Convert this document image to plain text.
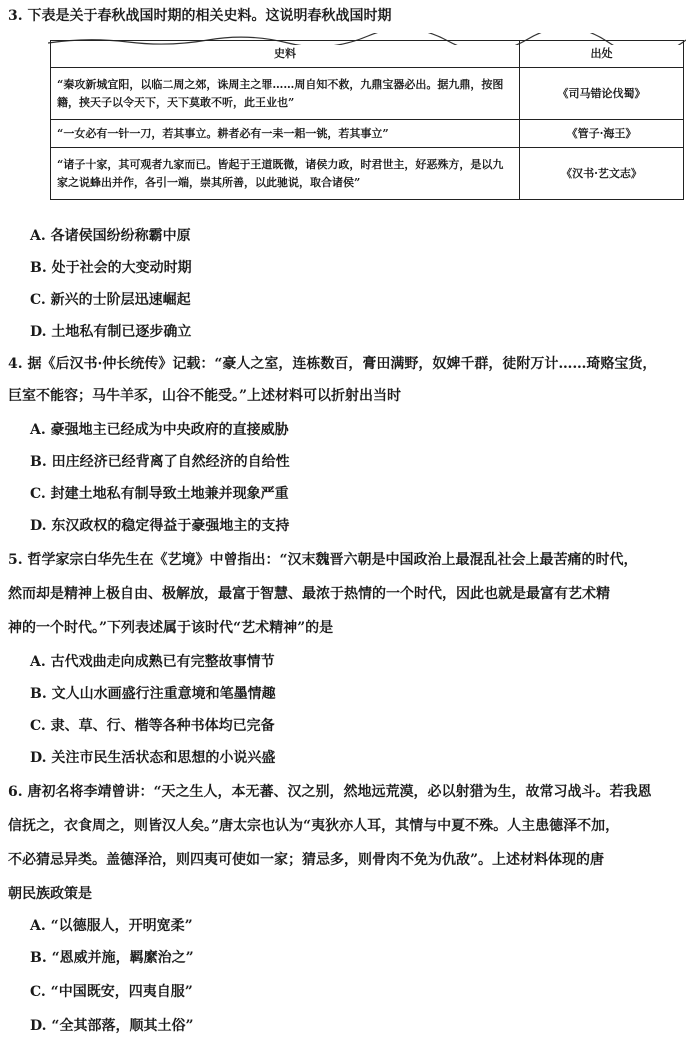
3. 下表是关于春秋战国时期的相关史料。这说明春秋战国时期
史料	出处
“秦攻新城宜阳，以临二周之郊，诛周主之罪……周自知不救，九鼎宝器必出。据九鼎，按图籍，挟天子以令天下，天下莫敢不听，此王业也”	《司马错论伐蜀》
“一女必有一针一刀，若其事立。耕者必有一耒一耜一铫，若其事立”	《管子·海王》
“诸子十家，其可观者九家而已。皆起于王道既微，诸侯力政，时君世主，好恶殊方，是以九家之说蜂出并作，各引一端，崇其所善，以此驰说，取合诸侯”	《汉书·艺文志》
A. 各诸侯国纷纷称霸中原
B. 处于社会的大变动时期
C. 新兴的士阶层迅速崛起
D. 土地私有制已逐步确立
4. 据《后汉书·仲长统传》记载：“豪人之室，连栋数百，膏田满野，奴婢千群，徒附万计……琦赂宝货，
巨室不能容；马牛羊豕，山谷不能受。”上述材料可以折射出当时
A. 豪强地主已经成为中央政府的直接威胁
B. 田庄经济已经背离了自然经济的自给性
C. 封建土地私有制导致土地兼并现象严重
D. 东汉政权的稳定得益于豪强地主的支持
5. 哲学家宗白华先生在《艺境》中曾指出：“汉末魏晋六朝是中国政治上最混乱社会上最苦痛的时代，
然而却是精神上极自由、极解放，最富于智慧、最浓于热情的一个时代，因此也就是最富有艺术精
神的一个时代。”下列表述属于该时代“艺术精神”的是
A. 古代戏曲走向成熟已有完整故事情节
B. 文人山水画盛行注重意境和笔墨情趣
C. 隶、草、行、楷等各种书体均已完备
D. 关注市民生活状态和思想的小说兴盛
6. 唐初名将李靖曾讲：“天之生人，本无蕃、汉之别，然地远荒漠，必以射猎为生，故常习战斗。若我恩
信抚之，衣食周之，则皆汉人矣。”唐太宗也认为“夷狄亦人耳，其情与中夏不殊。人主患德泽不加，
不必猜忌异类。盖德泽洽，则四夷可使如一家；猜忌多，则骨肉不免为仇敌”。上述材料体现的唐
朝民族政策是
A. “以德服人，开明宽柔”
B. “恩威并施，羁縻治之”
C. “中国既安，四夷自服”
D. “全其部落，顺其土俗”
